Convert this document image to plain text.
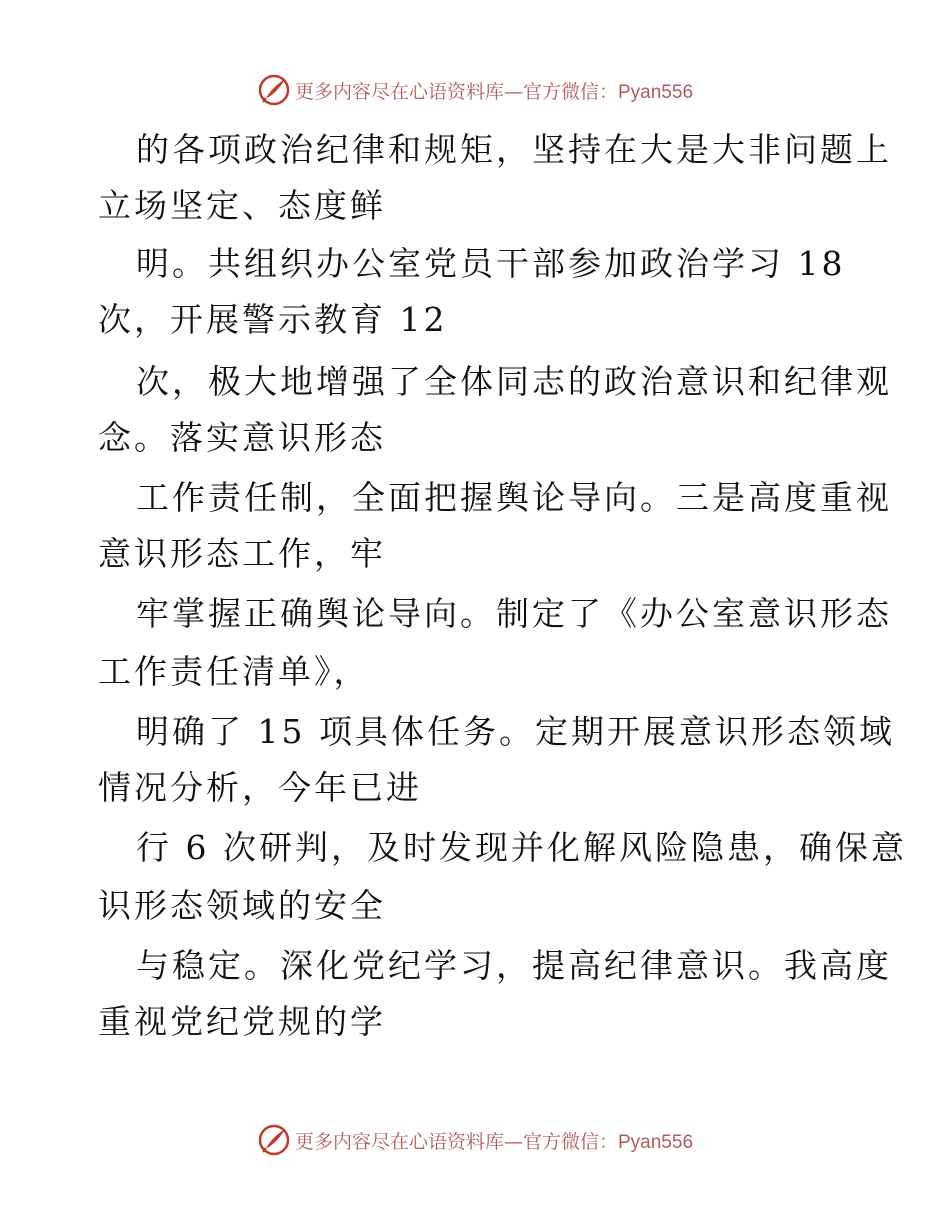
更多内容尽在心语资料库—官方微信：Pyan556
的各项政治纪律和规矩，坚持在大是大非问题上
立场坚定、态度鲜
明。共组织办公室党员干部参加政治学习 18
次，开展警示教育 12
次，极大地增强了全体同志的政治意识和纪律观
念。落实意识形态
工作责任制，全面把握舆论导向。三是高度重视
意识形态工作，牢
牢掌握正确舆论导向。制定了《办公室意识形态
工作责任清单》，
明确了 15 项具体任务。定期开展意识形态领域
情况分析，今年已进
行 6 次研判，及时发现并化解风险隐患，确保意
识形态领域的安全
与稳定。深化党纪学习，提高纪律意识。我高度
重视党纪党规的学
更多内容尽在心语资料库—官方微信：Pyan556
